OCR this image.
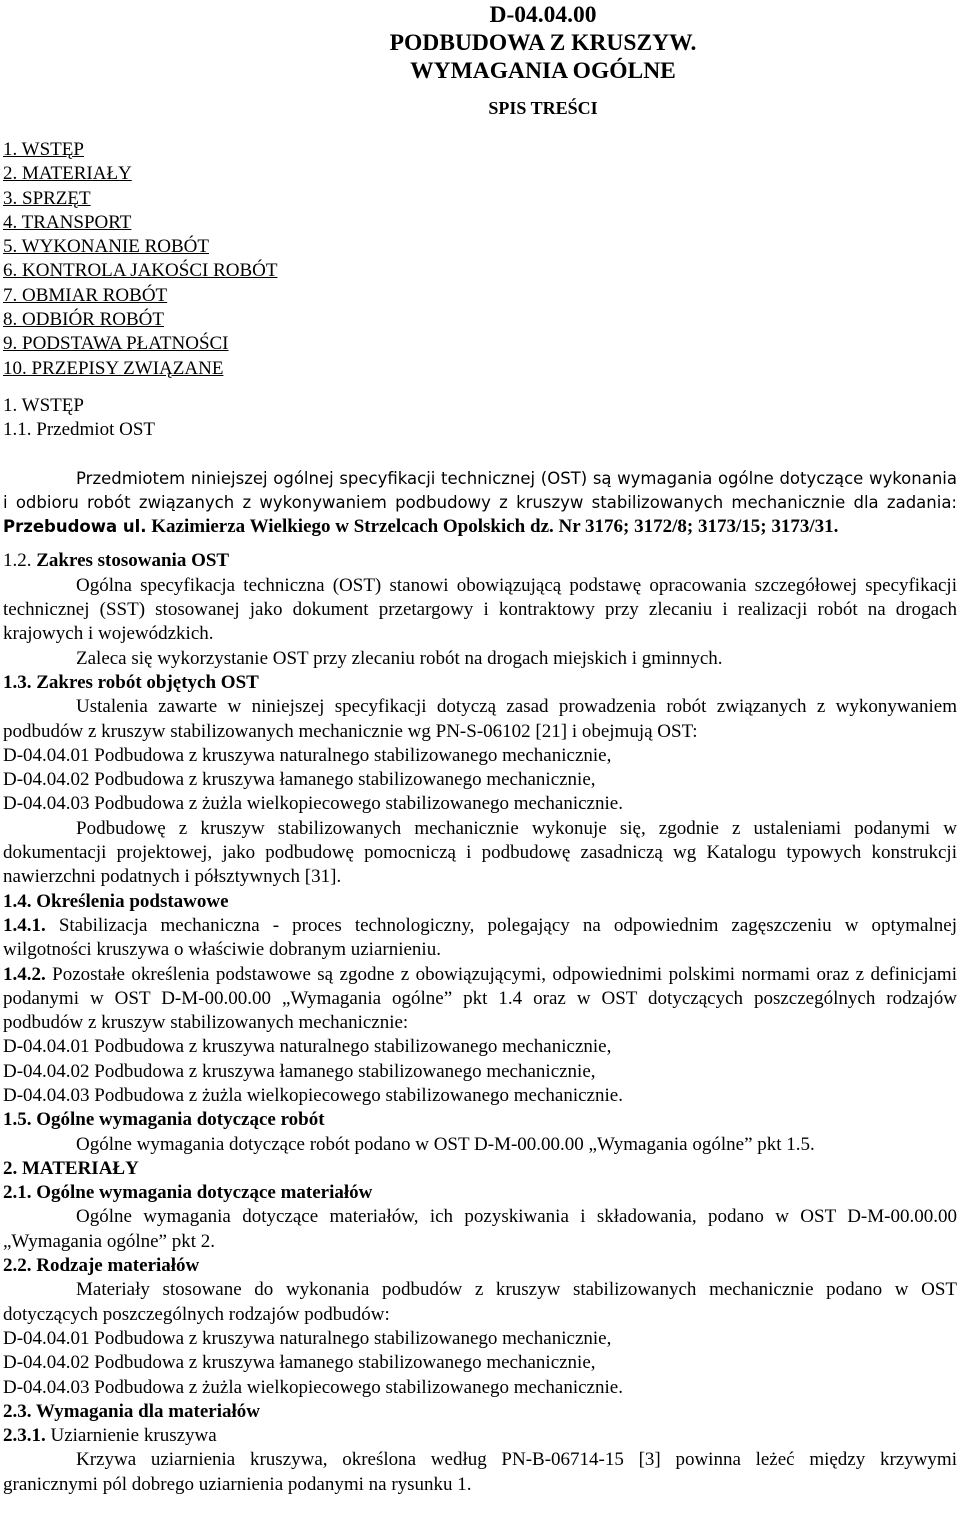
D-04.04.00
PODBUDOWA Z KRUSZYW.
WYMAGANIA OGÓLNE
SPIS TREŚCI
1. WSTĘP
2. MATERIAŁY
3. SPRZĘT
4. TRANSPORT
5. WYKONANIE ROBÓT
6. KONTROLA JAKOŚCI ROBÓT
7. OBMIAR ROBÓT
8. ODBIÓR ROBÓT
9. PODSTAWA PŁATNOŚCI
10. PRZEPISY ZWIĄZANE
1. WSTĘP
1.1. Przedmiot OST

Przedmiotem niniejszej ogólnej specyfikacji technicznej (OST) są wymagania ogólne dotyczące wykonania i odbioru robót związanych z wykonywaniem podbudowy z kruszyw stabilizowanych mechanicznie dla zadania: Przebudowa ul. Kazimierza Wielkiego w Strzelcach Opolskich dz. Nr 3176; 3172/8; 3173/15; 3173/31.

1.2. Zakres stosowania OST

Ogólna specyfikacja techniczna (OST) stanowi obowiązującą podstawę opracowania szczegółowej specyfikacji technicznej (SST) stosowanej jako dokument przetargowy i kontraktowy przy zlecaniu i realizacji robót na drogach krajowych i wojewódzkich.

Zaleca się wykorzystanie OST przy zlecaniu robót na drogach miejskich i gminnych.

1.3. Zakres robót objętych OST

Ustalenia zawarte w niniejszej specyfikacji dotyczą zasad prowadzenia robót związanych z wykonywaniem podbudów z kruszyw stabilizowanych mechanicznie wg PN-S-06102 [21] i obejmują OST:

D-04.04.01 Podbudowa z kruszywa naturalnego stabilizowanego mechanicznie,
D-04.04.02 Podbudowa z kruszywa łamanego stabilizowanego mechanicznie,
D-04.04.03 Podbudowa z żużla wielkopiecowego stabilizowanego mechanicznie.

Podbudowę z kruszyw stabilizowanych mechanicznie wykonuje się, zgodnie z ustaleniami podanymi w dokumentacji projektowej, jako podbudowę pomocniczą i podbudowę zasadniczą wg Katalogu typowych konstrukcji nawierzchni podatnych i półsztywnych [31].

1.4. Określenia podstawowe

1.4.1. Stabilizacja mechaniczna - proces technologiczny, polegający na odpowiednim zagęszczeniu w optymalnej wilgotności kruszywa o właściwie dobranym uziarnieniu.

1.4.2. Pozostałe określenia podstawowe są zgodne z obowiązującymi, odpowiednimi polskimi normami oraz z definicjami podanymi w OST D-M-00.00.00 „Wymagania ogólne” pkt 1.4 oraz w OST dotyczących poszczególnych rodzajów podbudów z kruszyw stabilizowanych mechanicznie:

D-04.04.01 Podbudowa z kruszywa naturalnego stabilizowanego mechanicznie,
D-04.04.02 Podbudowa z kruszywa łamanego stabilizowanego mechanicznie,
D-04.04.03 Podbudowa z żużla wielkopiecowego stabilizowanego mechanicznie.
1.5. Ogólne wymagania dotyczące robót

Ogólne wymagania dotyczące robót podano w OST D-M-00.00.00 „Wymagania ogólne” pkt 1.5.

2. MATERIAŁY
2.1. Ogólne wymagania dotyczące materiałów

Ogólne wymagania dotyczące materiałów, ich pozyskiwania i składowania, podano w OST D-M-00.00.00 „Wymagania ogólne” pkt 2.

2.2. Rodzaje materiałów

Materiały stosowane do wykonania podbudów z kruszyw stabilizowanych mechanicznie podano w OST dotyczących poszczególnych rodzajów podbudów:

D-04.04.01 Podbudowa z kruszywa naturalnego stabilizowanego mechanicznie,
D-04.04.02 Podbudowa z kruszywa łamanego stabilizowanego mechanicznie,
D-04.04.03 Podbudowa z żużla wielkopiecowego stabilizowanego mechanicznie.
2.3. Wymagania dla materiałów
2.3.1. Uziarnienie kruszywa

Krzywa uziarnienia kruszywa, określona według PN-B-06714-15 [3] powinna leżeć między krzywymi granicznymi pól dobrego uziarnienia podanymi na rysunku 1.
